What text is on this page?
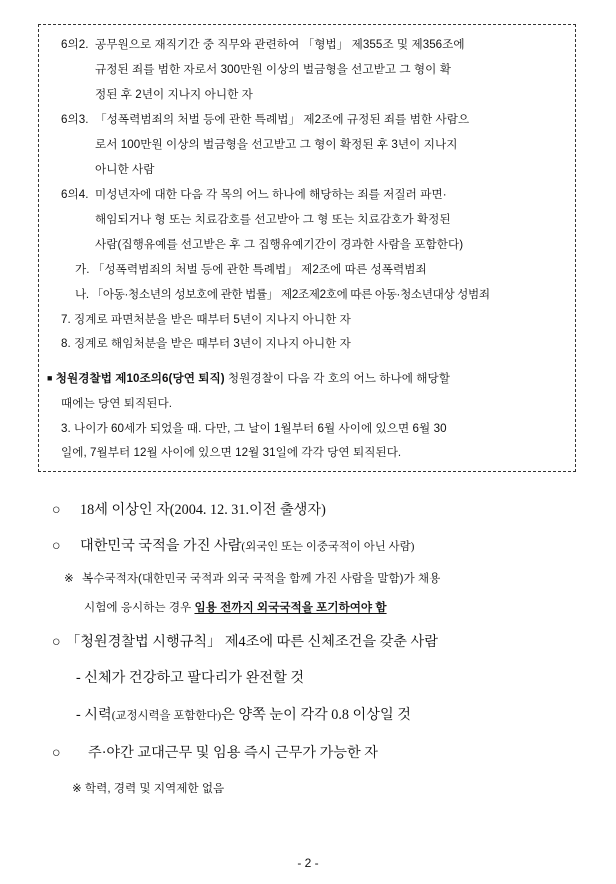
6의2. 공무원으로 재직기간 중 직무와 관련하여 「형법」 제355조 및 제356조에
규정된 죄를 범한 자로서 300만원 이상의 벌금형을 선고받고 그 형이 확
정된 후 2년이 지나지 아니한 자
6의3. 「성폭력범죄의 처벌 등에 관한 특례법」 제2조에 규정된 죄를 범한 사람으
로서 100만원 이상의 벌금형을 선고받고 그 형이 확정된 후 3년이 지나지
아니한 사람
6의4. 미성년자에 대한 다음 각 목의 어느 하나에 해당하는 죄를 저질러 파면·
해임되거나 형 또는 치료감호를 선고받아 그 형 또는 치료감호가 확정된
사람(집행유예를 선고받은 후 그 집행유예기간이 경과한 사람을 포함한다)
가. 「성폭력범죄의 처벌 등에 관한 특례법」 제2조에 따른 성폭력범죄
나. 「아동·청소년의 성보호에 관한 법률」 제2조제2호에 따른 아동·청소년대상 성범죄
7. 징계로 파면처분을 받은 때부터 5년이 지나지 아니한 자
8. 징계로 해임처분을 받은 때부터 3년이 지나지 아니한 자
■ 청원경찰법 제10조의6(당연 퇴직) 청원경찰이 다음 각 호의 어느 하나에 해당할
때에는 당연 퇴직된다.
3. 나이가 60세가 되었을 때. 다만, 그 날이 1월부터 6월 사이에 있으면 6월 30
일에, 7월부터 12월 사이에 있으면 12월 31일에 각각 당연 퇴직된다.
○ 18세 이상인 자(2004. 12. 31.이전 출생자)
○ 대한민국 국적을 가진 사람(외국인 또는 이중국적이 아닌 사람)
※ 복수국적자(대한민국 국적과 외국 국적을 함께 가진 사람을 말함)가 채용
시험에 응시하는 경우 임용 전까지 외국국적을 포기하여야 함
○ 「청원경찰법 시행규칙」 제4조에 따른 신체조건을 갖춘 사람
- 신체가 건강하고 팔다리가 완전할 것
- 시력(교정시력을 포함한다)은 양쪽 눈이 각각 0.8 이상일 것
○ 주·야간 교대근무 및 임용 즉시 근무가 가능한 자
※ 학력, 경력 및 지역제한 없음
- 2 -
